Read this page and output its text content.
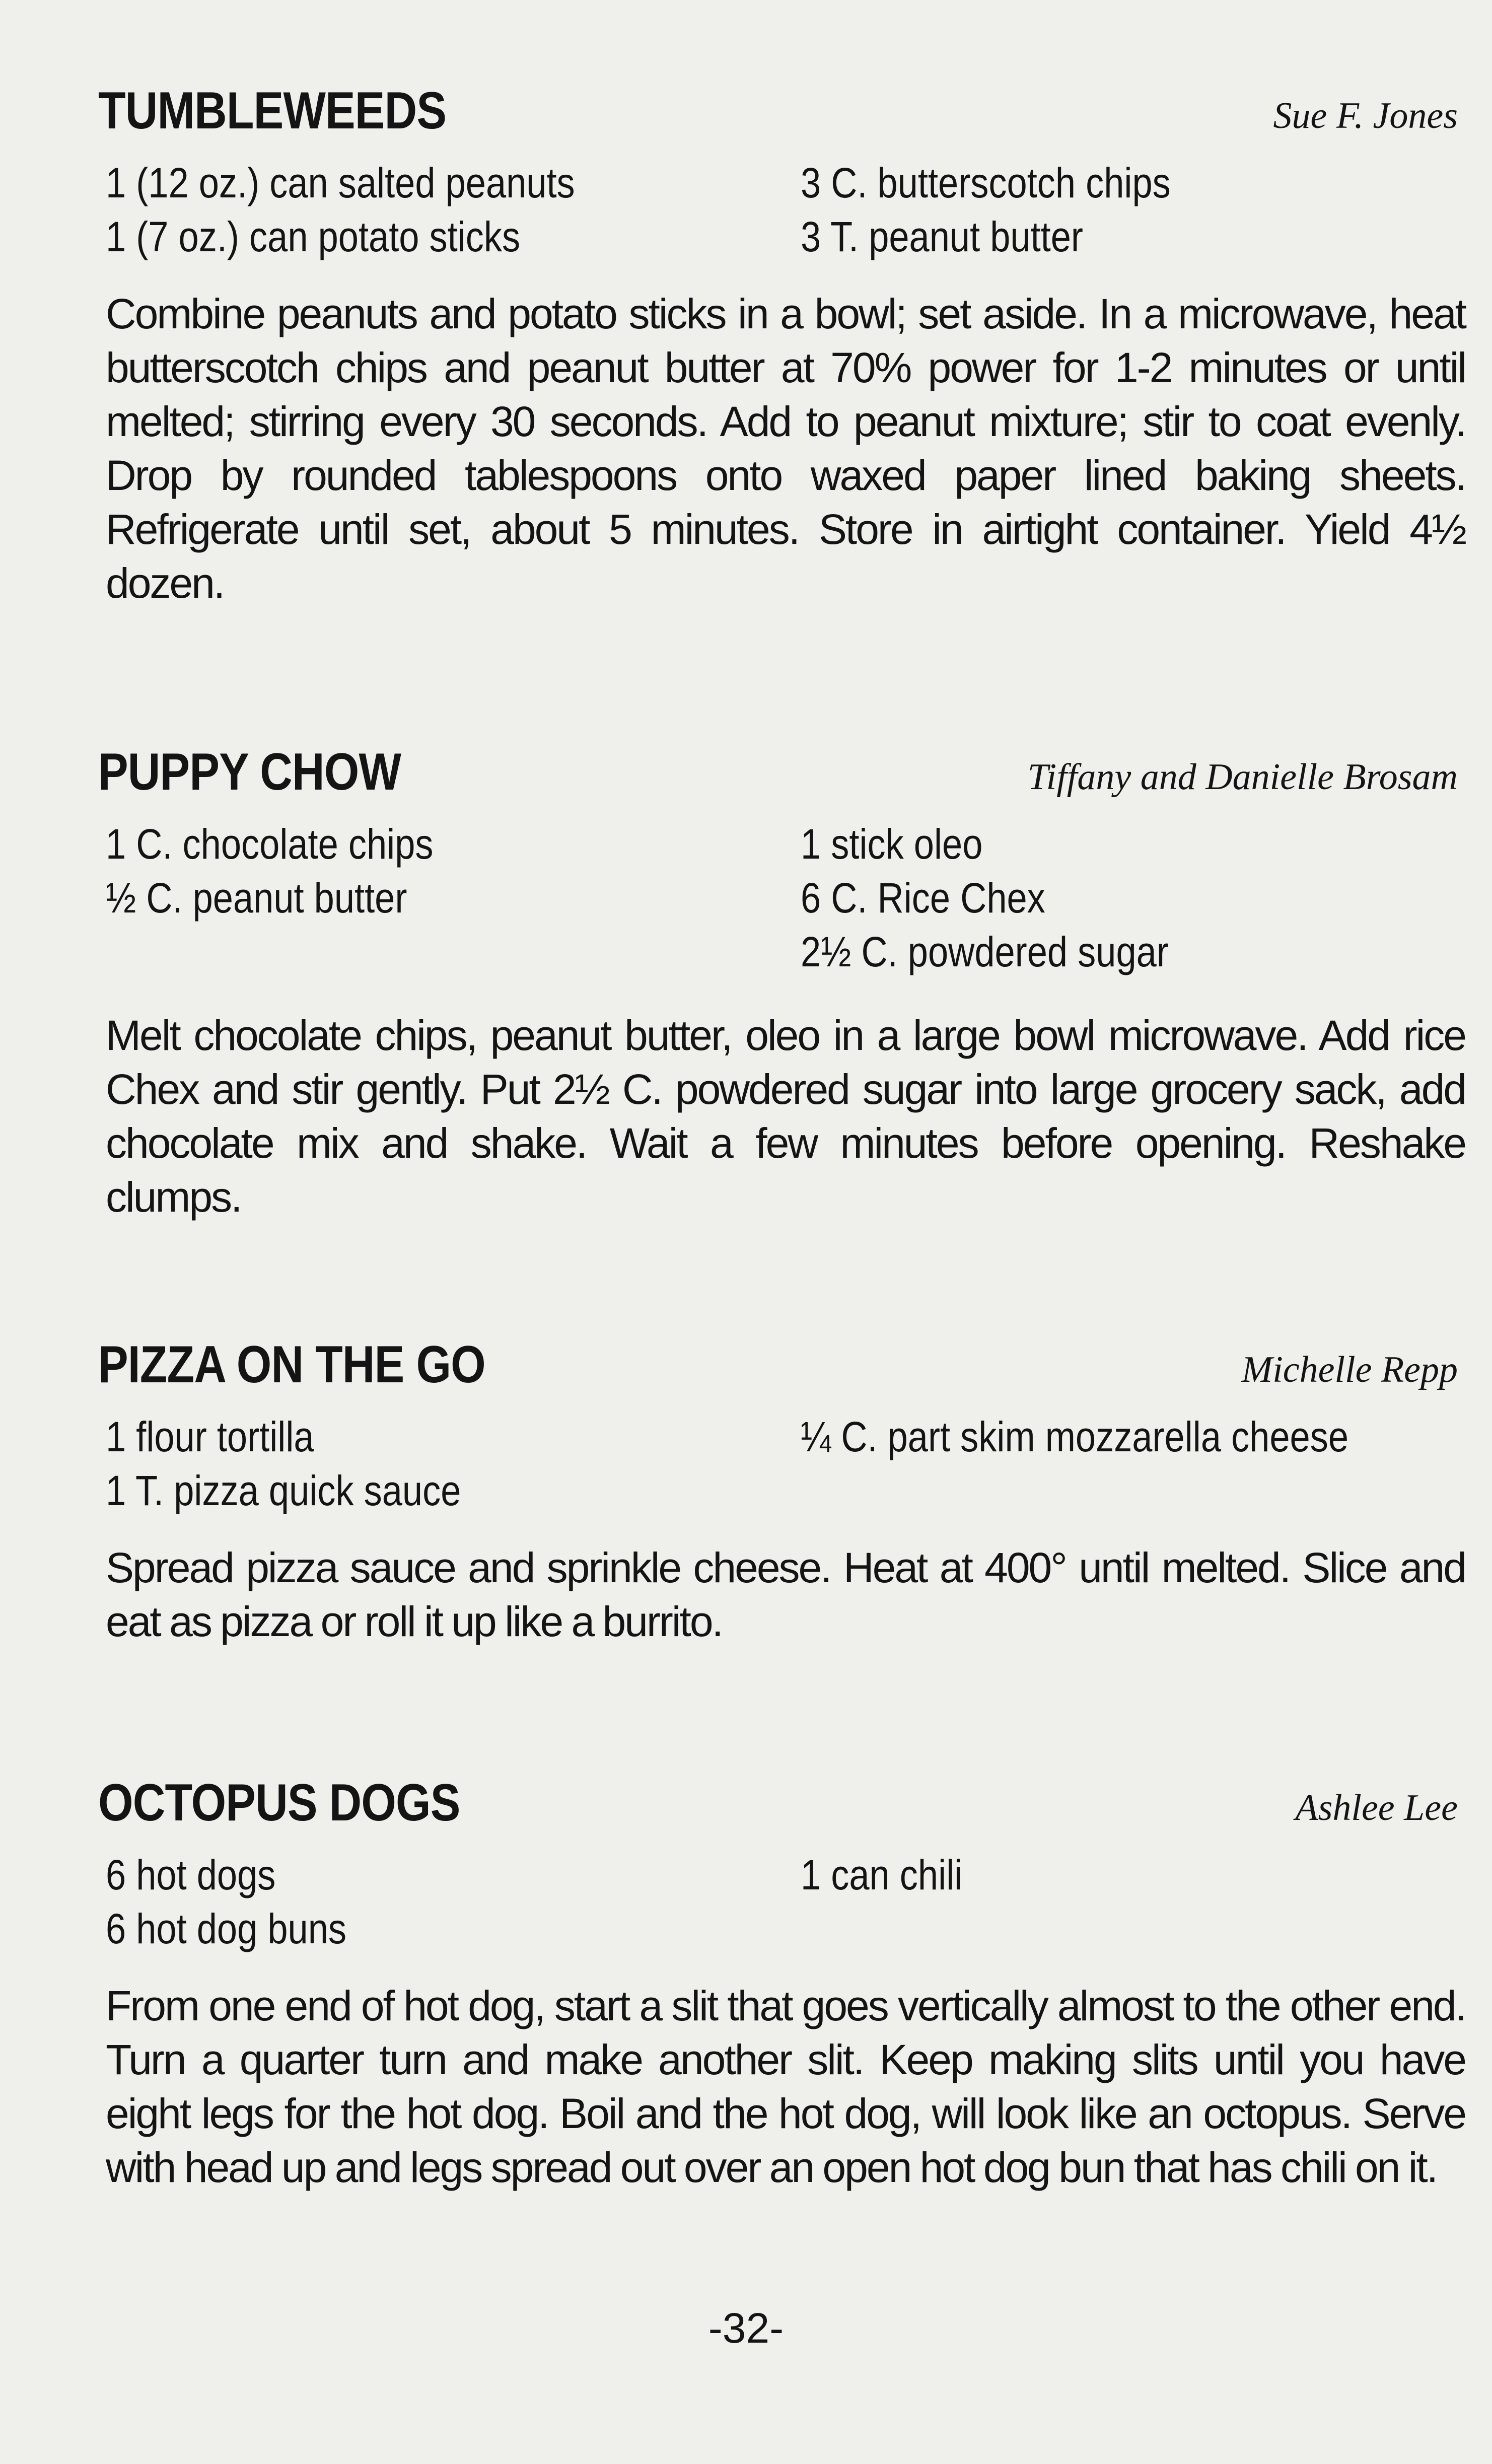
TUMBLEWEEDS	Sue F. Jones
1 (12 oz.) can salted peanuts
1 (7 oz.) can potato sticks
3 C. butterscotch chips
3 T. peanut butter
Combine peanuts and potato sticks in a bowl; set aside. In a microwave, heat butterscotch chips and peanut butter at 70% power for 1-2 minutes or until melted; stirring every 30 seconds. Add to peanut mixture; stir to coat evenly. Drop by rounded tablespoons onto waxed paper lined baking sheets. Refrigerate until set, about 5 minutes. Store in airtight container. Yield 4½ dozen.
PUPPY CHOW	Tiffany and Danielle Brosam
1 C. chocolate chips
½ C. peanut butter
1 stick oleo
6 C. Rice Chex
2½ C. powdered sugar
Melt chocolate chips, peanut butter, oleo in a large bowl microwave. Add rice Chex and stir gently. Put 2½ C. powdered sugar into large grocery sack, add chocolate mix and shake. Wait a few minutes before opening. Reshake clumps.
PIZZA ON THE GO	Michelle Repp
1 flour tortilla
1 T. pizza quick sauce
¼ C. part skim mozzarella cheese
Spread pizza sauce and sprinkle cheese. Heat at 400° until melted. Slice and eat as pizza or roll it up like a burrito.
OCTOPUS DOGS	Ashlee Lee
6 hot dogs
6 hot dog buns
1 can chili
From one end of hot dog, start a slit that goes vertically almost to the other end. Turn a quarter turn and make another slit. Keep making slits until you have eight legs for the hot dog. Boil and the hot dog, will look like an octopus. Serve with head up and legs spread out over an open hot dog bun that has chili on it.
-32-
